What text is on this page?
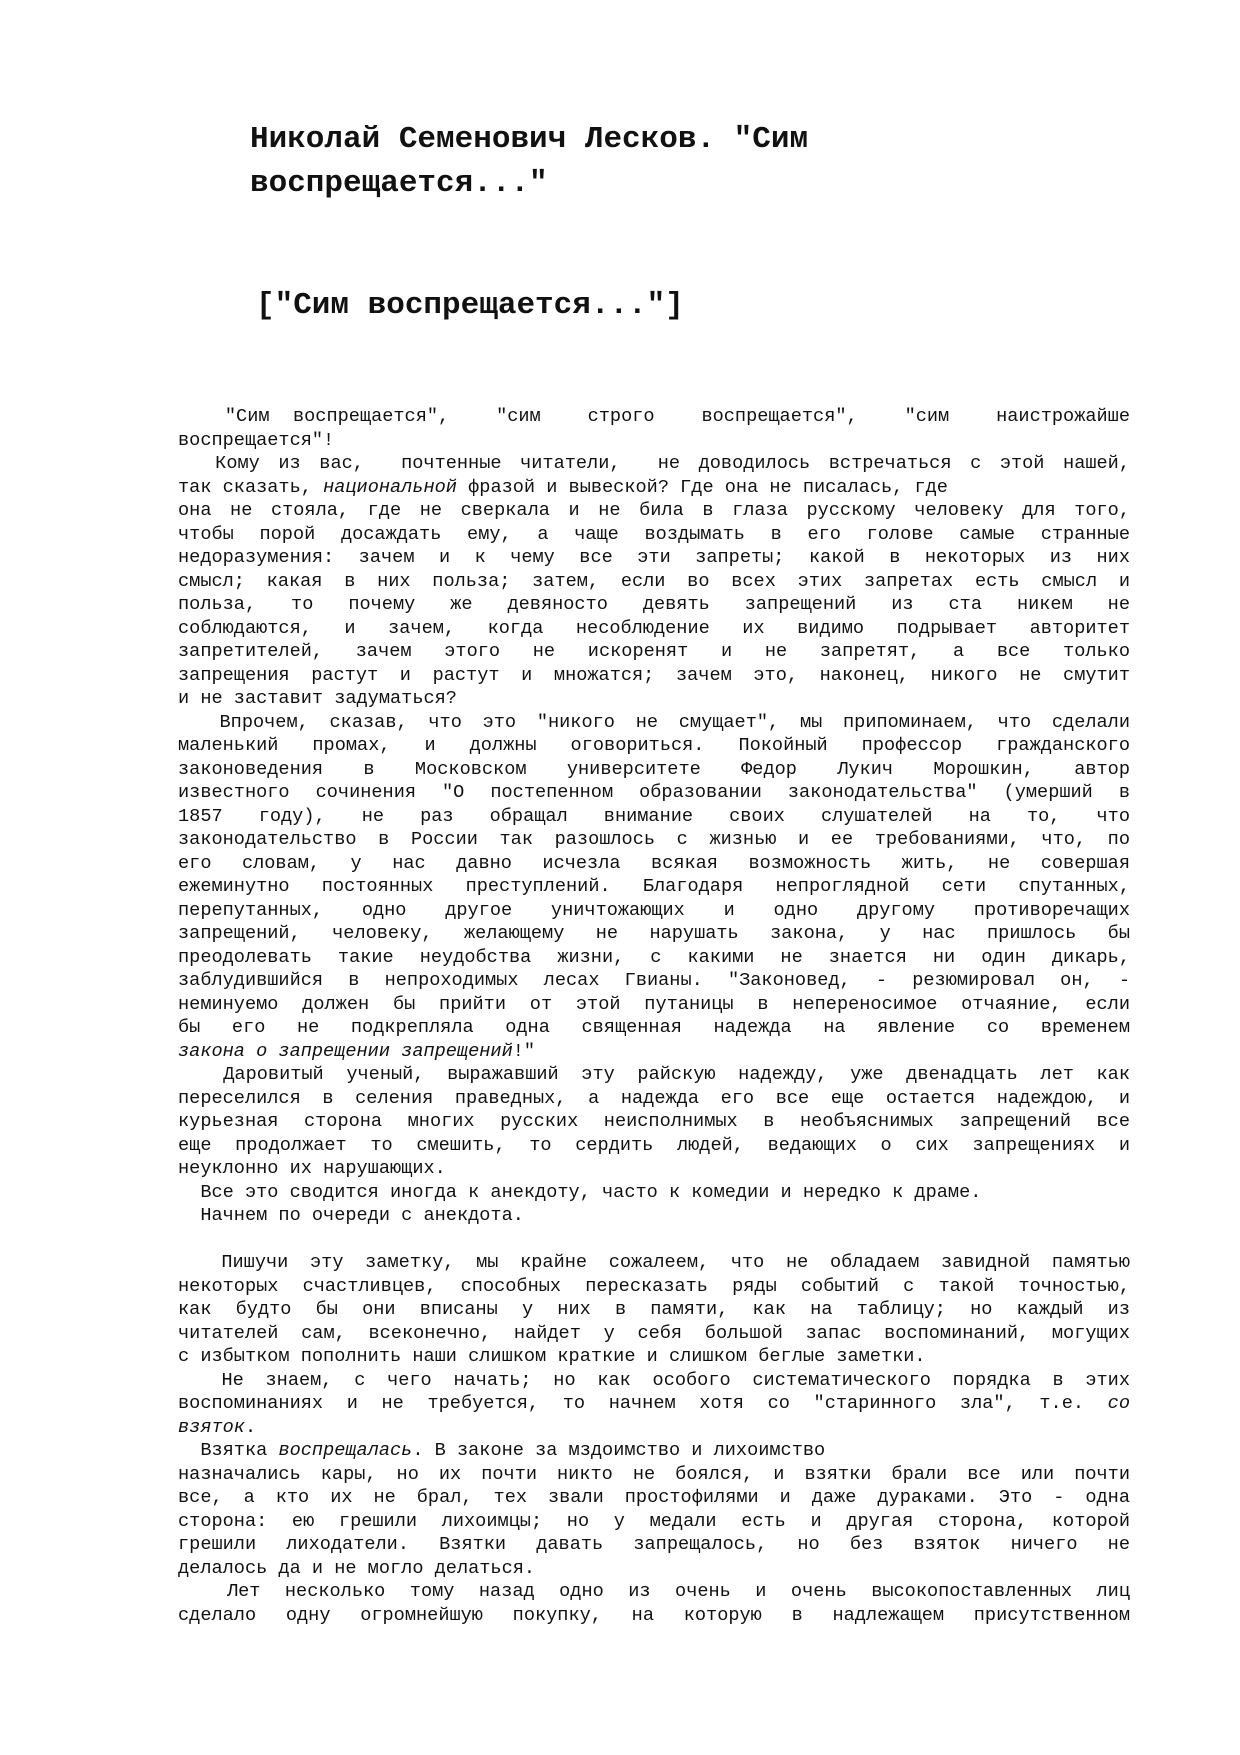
Николай Семенович Лесков. "Сим воспрещается..."
["Сим воспрещается..."]
"Сим воспрещается",  "сим  строго  воспрещается",  "сим  наистрожайше
воспрещается"!
Кому из вас,  почтенные читатели,  не доводилось встречаться с этой нашей,
так сказать, национальной фразой и вывеской? Где она не писалась, где
она не стояла, где не сверкала и не била в глаза русскому человеку для того,
чтобы порой досаждать ему, а чаще воздымать в его голове самые странные
недоразумения: зачем и к чему все эти запреты; какой в некоторых из них
смысл; какая в них польза; затем, если во всех этих запретах есть смысл и
польза, то почему же девяносто девять запрещений из ста никем не
соблюдаются, и зачем, когда несоблюдение их видимо подрывает авторитет
запретителей, зачем этого не искоренят и не запретят, а все только
запрещения растут и растут и множатся; зачем это, наконец, никого не смутит
и не заставит задуматься?
Впрочем, сказав, что это "никого не смущает", мы припоминаем, что сделали
маленький промах, и должны оговориться. Покойный профессор гражданского
законоведения в Московском университете Федор Лукич Морошкин, автор
известного сочинения "О постепенном образовании законодательства" (умерший в
1857 году), не раз обращал внимание своих слушателей на то, что
законодательство в России так разошлось с жизнью и ее требованиями, что, по
его словам, у нас давно исчезла всякая возможность жить, не совершая
ежеминутно постоянных преступлений. Благодаря непроглядной сети спутанных,
перепутанных, одно другое уничтожающих и одно другому противоречащих
запрещений, человеку, желающему не нарушать закона, у нас пришлось бы
преодолевать такие неудобства жизни, с какими не знается ни один дикарь,
заблудившийся в непроходимых лесах Гвианы. "Законовед, - резюмировал он, -
неминуемо должен бы прийти от этой путаницы в непереносимое отчаяние, если
бы его не подкрепляла одна священная надежда на явление со временем
закона о запрещении запрещений!"
Даровитый ученый, выражавший эту райскую надежду, уже двенадцать лет как
переселился в селения праведных, а надежда его все еще остается надеждою, и
курьезная сторона многих русских неисполнимых в необъяснимых запрещений все
еще продолжает то смешить, то сердить людей, ведающих о сих запрещениях и
неуклонно их нарушающих.
Все это сводится иногда к анекдоту, часто к комедии и нередко к драме.
Начнем по очереди с анекдота.
Пишучи эту заметку, мы крайне сожалеем, что не обладаем завидной памятью
некоторых счастливцев, способных пересказать ряды событий с такой точностью,
как будто бы они вписаны у них в памяти, как на таблицу; но каждый из
читателей сам, всеконечно, найдет у себя большой запас воспоминаний, могущих
с избытком пополнить наши слишком краткие и слишком беглые заметки.
Не знаем, с чего начать; но как особого систематического порядка в этих
воспоминаниях и не требуется, то начнем хотя со "старинного зла", т.е. со
взяток.
Взятка воспрещалась. В законе за мздоимство и лихоимство
назначались кары, но их почти никто не боялся, и взятки брали все или почти
все, а кто их не брал, тех звали простофилями и даже дураками. Это - одна
сторона: ею грешили лихоимцы; но у медали есть и другая сторона, которой
грешили лиходатели. Взятки давать запрещалось, но без взяток ничего не
делалось да и не могло делаться.
Лет несколько тому назад одно из очень и очень высокопоставленных лиц
сделало одну огромнейшую покупку, на которую в надлежащем присутственном
